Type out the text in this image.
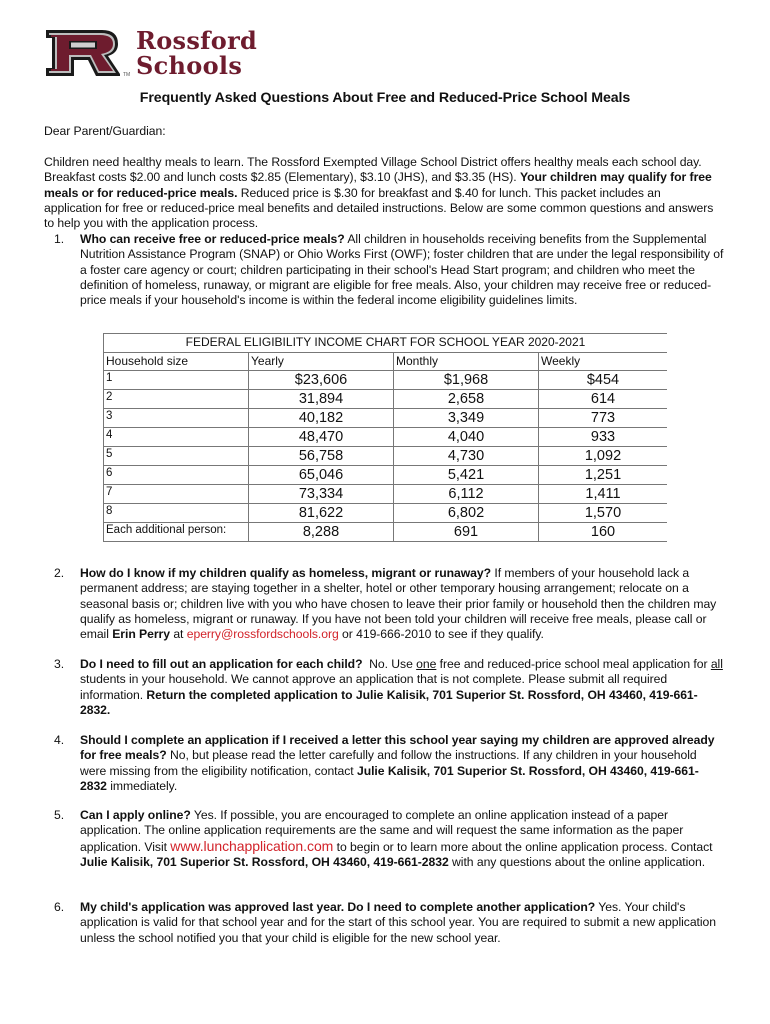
TM
Rossford
Schools
Frequently Asked Questions About Free and Reduced-Price School Meals
Dear Parent/Guardian:
Children need healthy meals to learn. The Rossford Exempted Village School District offers healthy meals each school day. Breakfast costs $2.00 and lunch costs $2.85 (Elementary), $3.10 (JHS), and $3.35 (HS). Your children may qualify for free meals or for reduced-price meals. Reduced price is $.30 for breakfast and $.40 for lunch. This packet includes an application for free or reduced-price meal benefits and detailed instructions. Below are some common questions and answers to help you with the application process.
1.	Who can receive free or reduced-price meals? All children in households receiving benefits from the Supplemental Nutrition Assistance Program (SNAP) or Ohio Works First (OWF); foster children that are under the legal responsibility of a foster care agency or court; children participating in their school's Head Start program; and children who meet the definition of homeless, runaway, or migrant are eligible for free meals. Also, your children may receive free or reduced-price meals if your household's income is within the federal income eligibility guidelines limits.
FEDERAL ELIGIBILITY INCOME CHART FOR SCHOOL YEAR 2020-2021			
Household size	Yearly	Monthly	Weekly
1	$23,606	$1,968	$454
2	31,894	2,658	614
3	40,182	3,349	773
4	48,470	4,040	933
5	56,758	4,730	1,092
6	65,046	5,421	1,251
7	73,334	6,112	1,411
8	81,622	6,802	1,570
Each additional person:	8,288	691	160
2.	How do I know if my children qualify as homeless, migrant or runaway? If members of your household lack a permanent address; are staying together in a shelter, hotel or other temporary housing arrangement; relocate on a seasonal basis or; children live with you who have chosen to leave their prior family or household then the children may qualify as homeless, migrant or runaway. If you have not been told your children will receive free meals, please call or email Erin Perry at eperry@rossfordschools.org or 419-666-2010 to see if they qualify.
3.	Do I need to fill out an application for each child?  No. Use one free and reduced-price school meal application for all students in your household. We cannot approve an application that is not complete. Please submit all required information. Return the completed application to Julie Kalisik, 701 Superior St. Rossford, OH 43460, 419-661-2832.
4.	Should I complete an application if I received a letter this school year saying my children are approved already for free meals? No, but please read the letter carefully and follow the instructions. If any children in your household were missing from the eligibility notification, contact Julie Kalisik, 701 Superior St. Rossford, OH 43460, 419-661-2832 immediately.
5.	Can I apply online? Yes. If possible, you are encouraged to complete an online application instead of a paper application. The online application requirements are the same and will request the same information as the paper application. Visit www.lunchapplication.com to begin or to learn more about the online application process. Contact Julie Kalisik, 701 Superior St. Rossford, OH 43460, 419-661-2832 with any questions about the online application.
6.	My child's application was approved last year. Do I need to complete another application? Yes. Your child's application is valid for that school year and for the start of this school year. You are required to submit a new application unless the school notified you that your child is eligible for the new school year.
